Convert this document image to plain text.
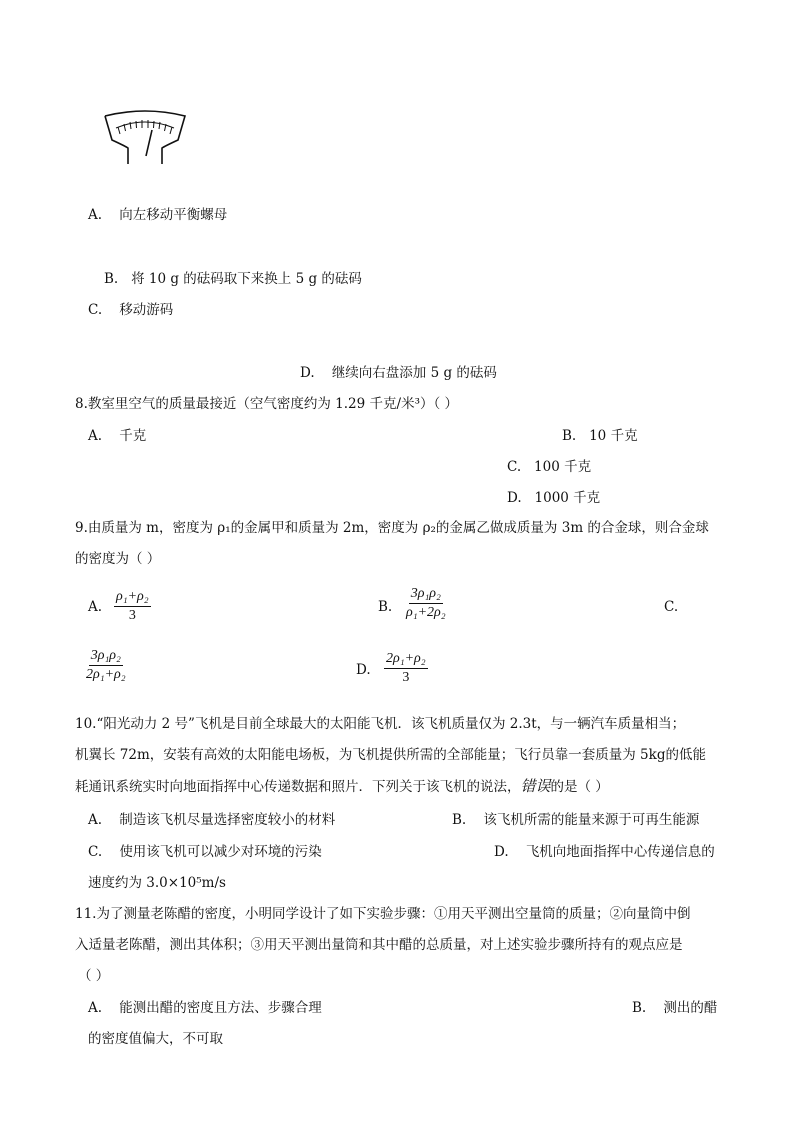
A. 向左移动平衡螺母
B. 将 10 g 的砝码取下来换上 5 g 的砝码
C. 移动游码
D. 继续向右盘添加 5 g 的砝码
8.教室里空气的质量最接近（空气密度约为 1.29 千克/米³）（ ）
A. 千克	B. 10 千克
C. 100 千克
D. 1000 千克
9.由质量为 m，密度为 ρ₁的金属甲和质量为 2m，密度为 ρ₂的金属乙做成质量为 3m 的合金球，则合金球
的密度为（ ）
A. $\frac{\text{ρ₁+ρ₂}}{3}$	B. $\frac{\text{3ρ₁ρ₂}}{\text{ρ₁+2ρ₂}}$	C.
$\frac{\text{3ρ₁ρ₂}}{\text{2ρ₁+ρ₂}}$	D. $\frac{\text{2ρ₁+ρ₂}}{3}$
10.“阳光动力 2 号”飞机是目前全球最大的太阳能飞机．该飞机质量仅为 2.3t，与一辆汽车质量相当；
机翼长 72m，安装有高效的太阳能电场板，为飞机提供所需的全部能量；飞行员靠一套质量为 5kg的低能
耗通讯系统实时向地面指挥中心传递数据和照片．下列关于该飞机的说法，错误的是（ ）
A. 制造该飞机尽量选择密度较小的材料	B. 该飞机所需的能量来源于可再生能源
C. 使用该飞机可以减少对环境的污染	D. 飞机向地面指挥中心传递信息的
速度约为 3.0×10⁵m/s
11.为了测量老陈醋的密度，小明同学设计了如下实验步骤：①用天平测出空量筒的质量；②向量筒中倒
入适量老陈醋，测出其体积；③用天平测出量筒和其中醋的总质量，对上述实验步骤所持有的观点应是
（ ）
A. 能测出醋的密度且方法、步骤合理	B. 测出的醋
的密度值偏大，不可取
